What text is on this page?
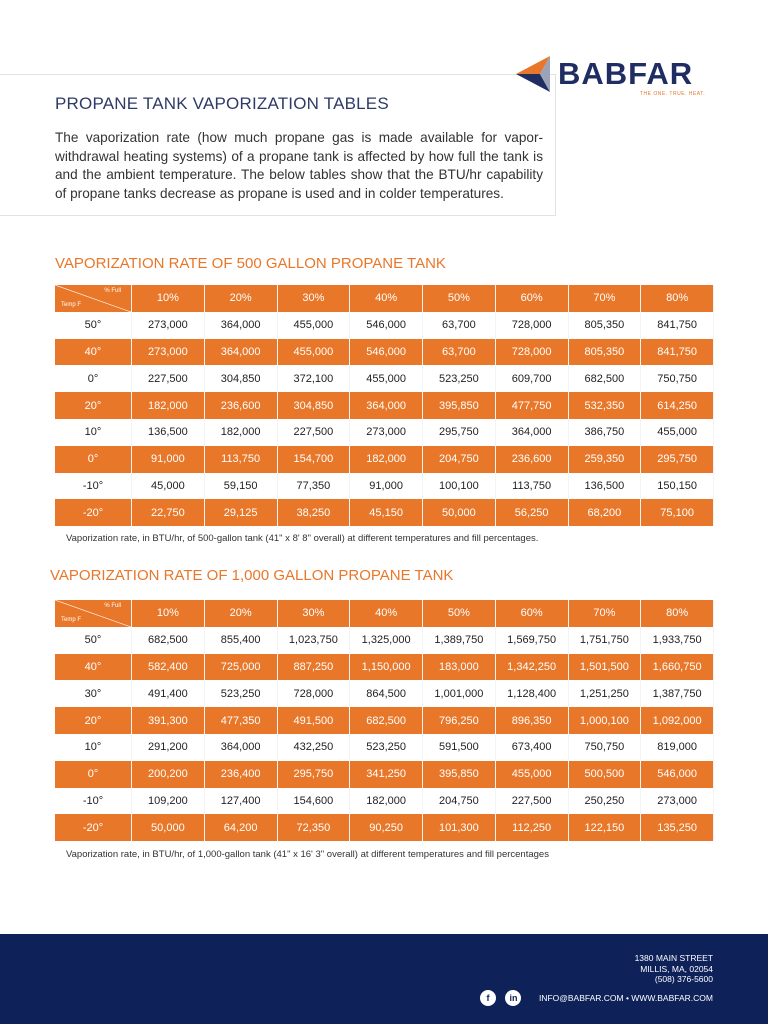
BABFAR
THE ONE. TRUE. HEAT.
PROPANE TANK VAPORIZATION TABLES

The vaporization rate (how much propane gas is made available for vapor-withdrawal heating systems) of a propane tank is affected by how full the tank is and the ambient temperature. The below tables show that the BTU/hr capability of propane tanks decrease as propane is used and in colder temperatures.

VAPORIZATION RATE OF 500 GALLON PROPANE TANK
% Full
Temp F	10%	20%	30%	40%	50%	60%	70%	80%
50°	273,000	364,000	455,000	546,000	63,700	728,000	805,350	841,750
40°	273,000	364,000	455,000	546,000	63,700	728,000	805,350	841,750
0°	227,500	304,850	372,100	455,000	523,250	609,700	682,500	750,750
20°	182,000	236,600	304,850	364,000	395,850	477,750	532,350	614,250
10°	136,500	182,000	227,500	273,000	295,750	364,000	386,750	455,000
0°	91,000	113,750	154,700	182,000	204,750	236,600	259,350	295,750
-10°	45,000	59,150	77,350	91,000	100,100	113,750	136,500	150,150
-20°	22,750	29,125	38,250	45,150	50,000	56,250	68,200	75,100

Vaporization rate, in BTU/hr, of 500-gallon tank (41" x 8' 8" overall) at different temperatures and fill percentages.

VAPORIZATION RATE OF 1,000 GALLON PROPANE TANK
% Full
Temp F	10%	20%	30%	40%	50%	60%	70%	80%
50°	682,500	855,400	1,023,750	1,325,000	1,389,750	1,569,750	1,751,750	1,933,750
40°	582,400	725,000	887,250	1,150,000	183,000	1,342,250	1,501,500	1,660,750
30°	491,400	523,250	728,000	864,500	1,001,000	1,128,400	1,251,250	1,387,750
20°	391,300	477,350	491,500	682,500	796,250	896,350	1,000,100	1,092,000
10°	291,200	364,000	432,250	523,250	591,500	673,400	750,750	819,000
0°	200,200	236,400	295,750	341,250	395,850	455,000	500,500	546,000
-10°	109,200	127,400	154,600	182,000	204,750	227,500	250,250	273,000
-20°	50,000	64,200	72,350	90,250	101,300	112,250	122,150	135,250

Vaporization rate, in BTU/hr, of 1,000-gallon tank (41" x 16' 3" overall) at different temperatures and fill percentages

1380 MAIN STREET
MILLIS, MA, 02054
(508) 376-5600
f in	INFO@BABFAR.COM • WWW.BABFAR.COM
